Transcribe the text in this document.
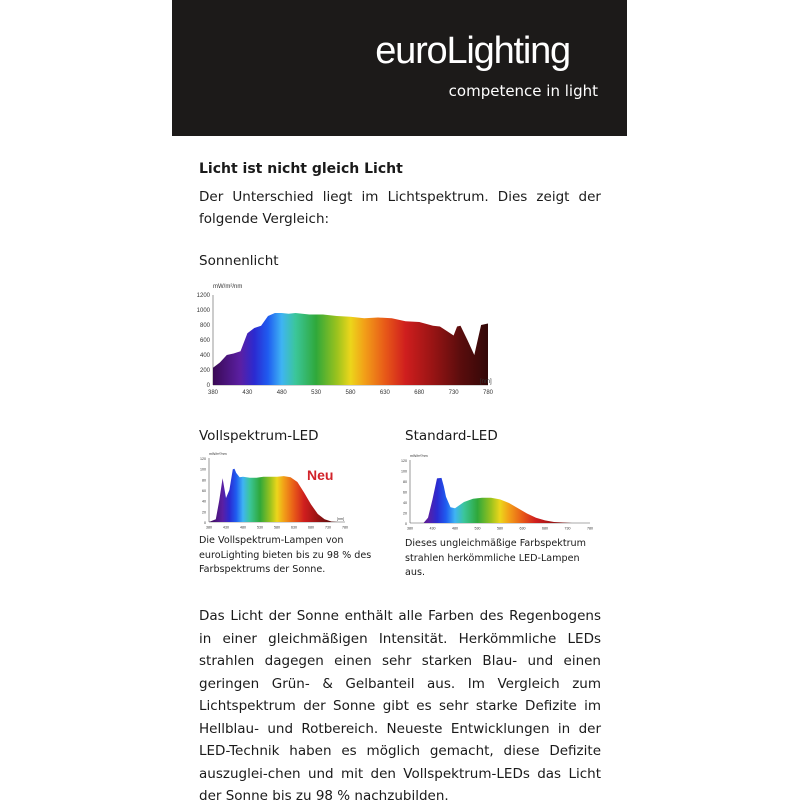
euroLighting
competence in light
Licht ist nicht gleich Licht
Der Unterschied liegt im Lichtspektrum. Dies zeigt der folgende Vergleich:
Sonnenlicht
0
200
400
600
800
1000
1200
380	430	480	530	580	630	680	730	780
mW/m²/nm
[nm]
Vollspektrum-LED
0
20
40
60
80
100
120
380	430	480	530	580	630	680	730	780
mW/m²/nm
[nm]
Neu
Die Vollspektrum-Lampen von euroLighting bieten bis zu 98 % des Farbspektrums der Sonne.
Standard-LED
0
20
40
60
80
100
120
380	430	480	530	580	630	680	730	780
mW/m²/nm
Dieses ungleichmäßige Farbspektrum strahlen herkömmliche LED-Lampen aus.
Das Licht der Sonne enthält alle Farben des Regenbogens in einer gleichmäßigen Intensität. Herkömmliche LEDs strahlen dagegen einen sehr starken Blau- und einen geringen Grün- & Gelbanteil aus. Im Vergleich zum Lichtspektrum der Sonne gibt es sehr starke Defizite im Hellblau- und Rotbereich. Neueste Entwicklungen in der LED-Technik haben es möglich gemacht, diese Defizite auszuglei-chen und mit den Vollspektrum-LEDs das Licht der Sonne bis zu 98 % nachzubilden.
